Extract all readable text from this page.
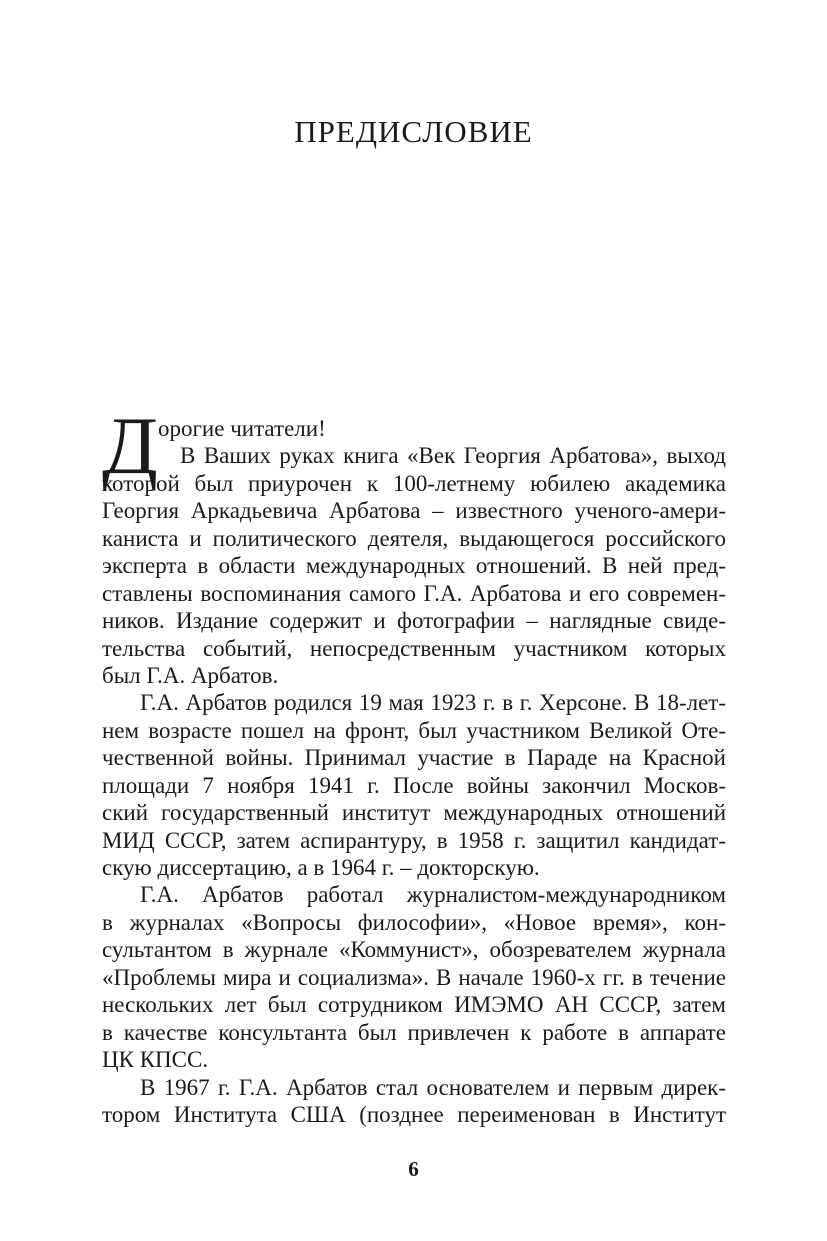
ПРЕДИСЛОВИЕ
Д орогие читатели!
В Ваших руках книга «Век Георгия Арбатова», выход
которой был приурочен к 100-летнему юбилею академика
Георгия Аркадьевича Арбатова – известного ученого-амери-
каниста и политического деятеля, выдающегося российского
эксперта в области международных отношений. В ней пред-
ставлены воспоминания самого Г.А. Арбатова и его современ-
ников. Издание содержит и фотографии – наглядные свиде-
тельства событий, непосредственным участником которых
был Г.А. Арбатов.
Г.А. Арбатов родился 19 мая 1923 г. в г. Херсоне. В 18-лет-
нем возрасте пошел на фронт, был участником Великой Оте-
чественной войны. Принимал участие в Параде на Красной
площади 7 ноября 1941 г. После войны закончил Москов-
ский государственный институт международных отношений
МИД СССР, затем аспирантуру, в 1958 г. защитил кандидат-
скую диссертацию, а в 1964 г. – докторскую.
Г.А. Арбатов работал журналистом-международником
в журналах «Вопросы философии», «Новое время», кон-
сультантом в журнале «Коммунист», обозревателем журнала
«Проблемы мира и социализма». В начале 1960-х гг. в течение
нескольких лет был сотрудником ИМЭМО АН СССР, затем
в качестве консультанта был привлечен к работе в аппарате
ЦК КПСС.
В 1967 г. Г.А. Арбатов стал основателем и первым дирек-
тором Института США (позднее переименован в Институт
6
